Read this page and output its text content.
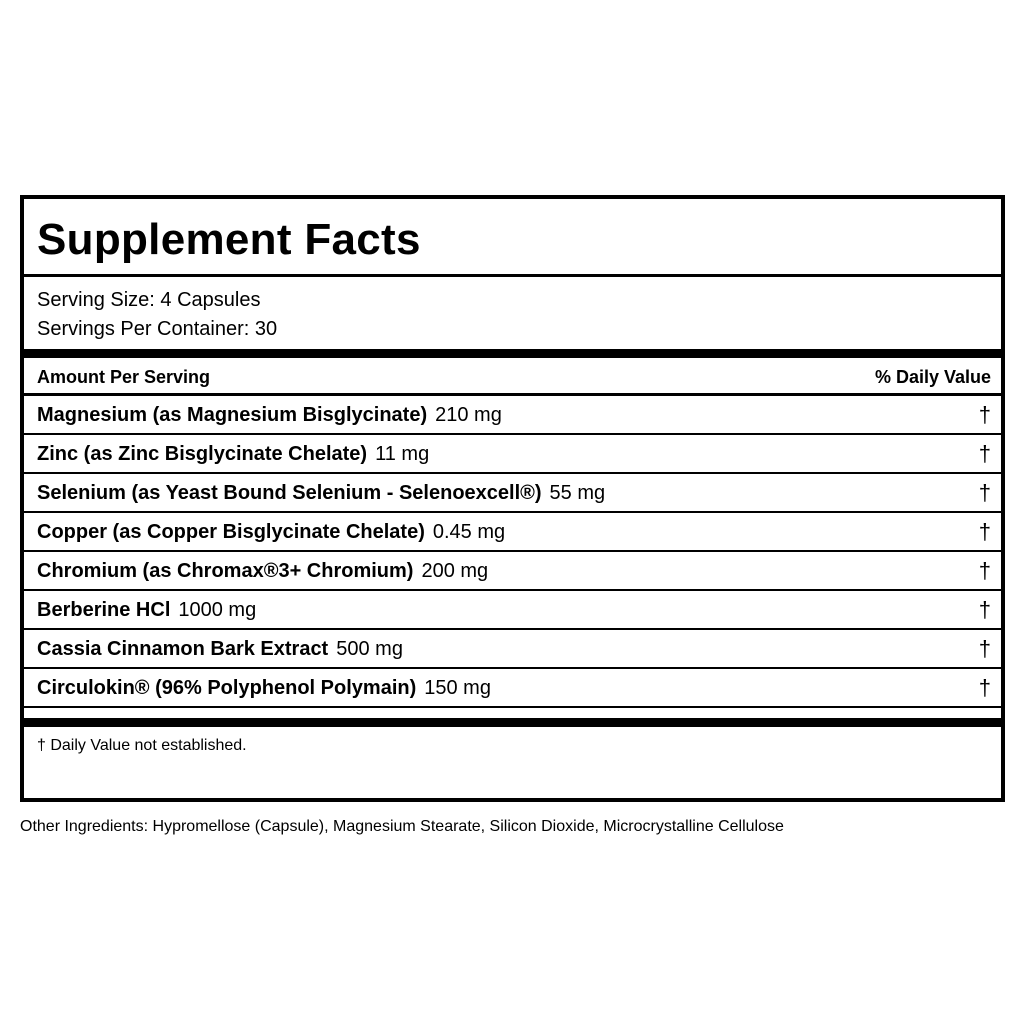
Supplement Facts
Serving Size: 4 Capsules
Servings Per Container: 30
Amount Per Serving	% Daily Value
Magnesium (as Magnesium Bisglycinate) 210 mg	†
Zinc (as Zinc Bisglycinate Chelate) 11 mg	†
Selenium (as Yeast Bound Selenium - Selenoexcell®) 55 mg	†
Copper (as Copper Bisglycinate Chelate) 0.45 mg	†
Chromium (as Chromax®3+ Chromium) 200 mg	†
Berberine HCl 1000 mg	†
Cassia Cinnamon Bark Extract 500 mg	†
Circulokin® (96% Polyphenol Polymain) 150 mg	†
† Daily Value not established.
Other Ingredients: Hypromellose (Capsule), Magnesium Stearate, Silicon Dioxide, Microcrystalline Cellulose
